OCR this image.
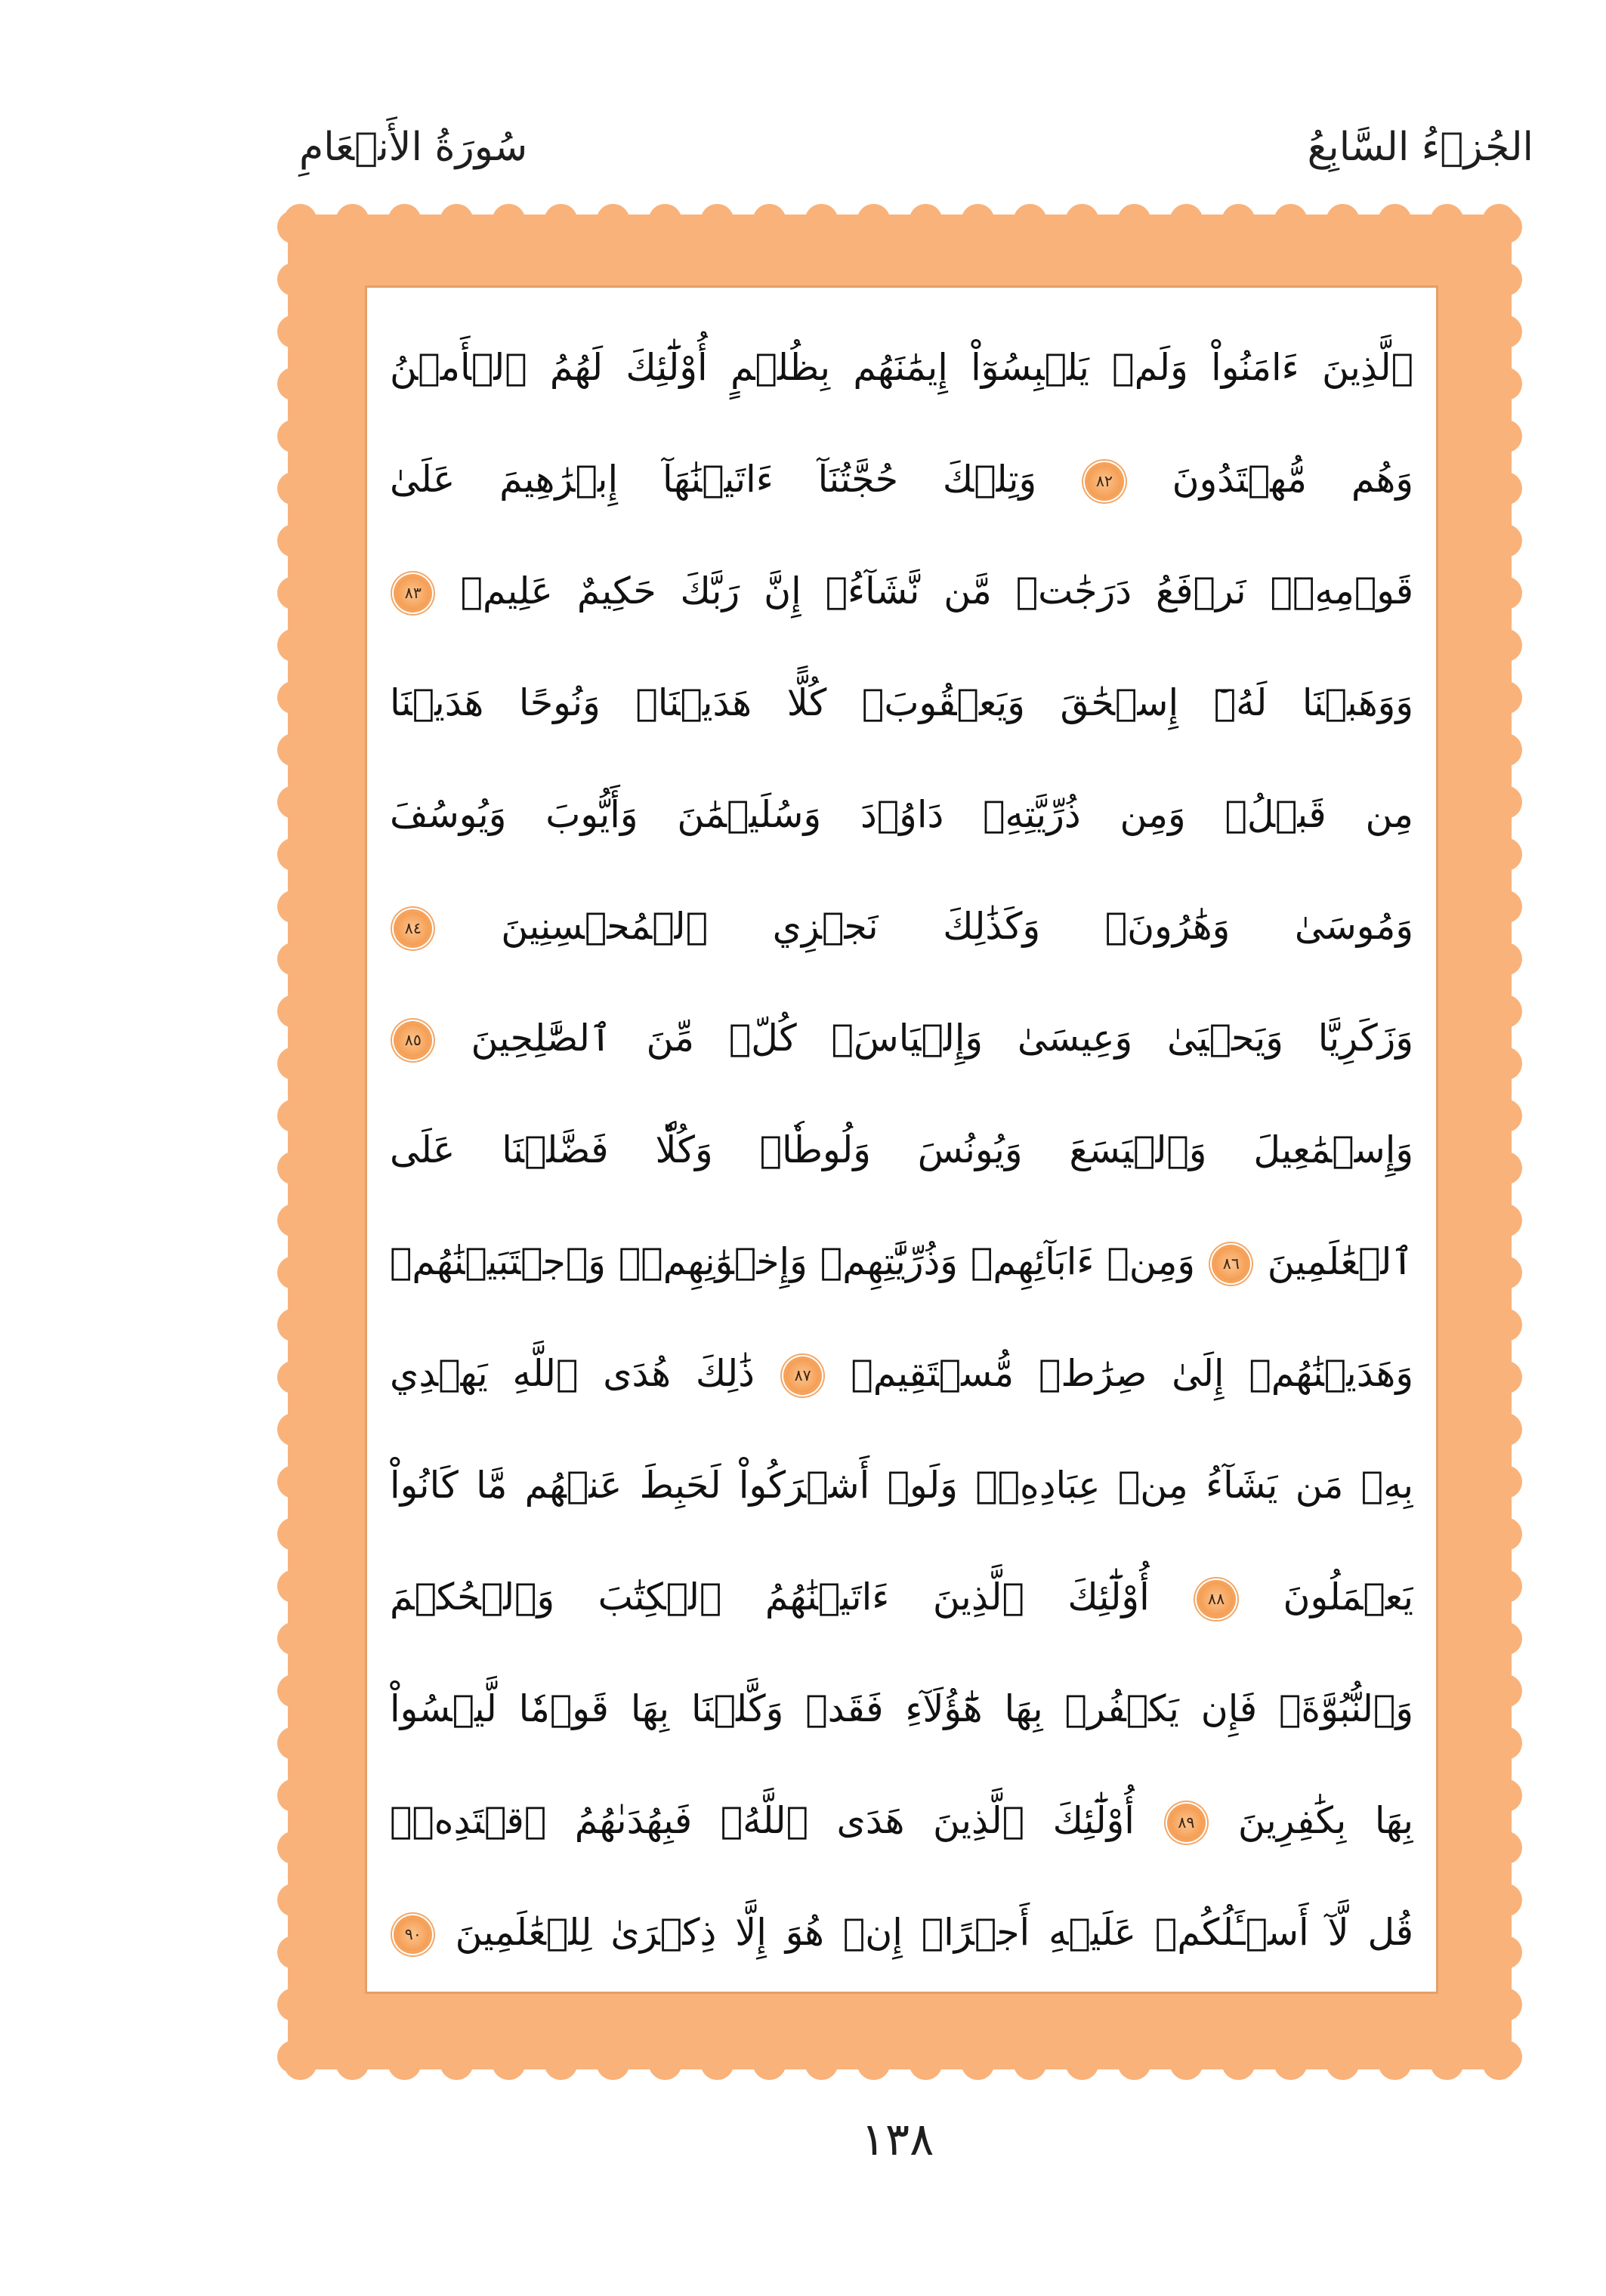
الجُزۡءُ السَّابِعُ
سُورَةُ الأَنۡعَامِ
ٱلَّذِينَ ءَامَنُواْ وَلَمۡ يَلۡبِسُوٓاْ إِيمَٰنَهُم بِظُلۡمٍ أُوْلَٰٓئِكَ لَهُمُ ٱلۡأَمۡنُ
وَهُم مُّهۡتَدُونَ ٨٢ وَتِلۡكَ حُجَّتُنَآ ءَاتَيۡنَٰهَآ إِبۡرَٰهِيمَ عَلَىٰ
قَوۡمِهِۦۚ نَرۡفَعُ دَرَجَٰتٖ مَّن نَّشَآءُۗ إِنَّ رَبَّكَ حَكِيمٌ عَلِيمٞ ٨٣
وَوَهَبۡنَا لَهُۥٓ إِسۡحَٰقَ وَيَعۡقُوبَۚ كُلًّا هَدَيۡنَاۚ وَنُوحًا هَدَيۡنَا
مِن قَبۡلُۖ وَمِن ذُرِّيَّتِهِۦ دَاوُۥدَ وَسُلَيۡمَٰنَ وَأَيُّوبَ وَيُوسُفَ
وَمُوسَىٰ وَهَٰرُونَۚ وَكَذَٰلِكَ نَجۡزِي ٱلۡمُحۡسِنِينَ ٨٤
وَزَكَرِيَّا وَيَحۡيَىٰ وَعِيسَىٰ وَإِلۡيَاسَۖ كُلّٞ مِّنَ ٱلصَّٰلِحِينَ ٨٥
وَإِسۡمَٰعِيلَ وَٱلۡيَسَعَ وَيُونُسَ وَلُوطٗاۚ وَكُلّٗا فَضَّلۡنَا عَلَى
ٱلۡعَٰلَمِينَ ٨٦ وَمِنۡ ءَابَآئِهِمۡ وَذُرِّيَّٰتِهِمۡ وَإِخۡوَٰنِهِمۡۖ وَٱجۡتَبَيۡنَٰهُمۡ
وَهَدَيۡنَٰهُمۡ إِلَىٰ صِرَٰطٖ مُّسۡتَقِيمٖ ٨٧ ذَٰلِكَ هُدَى ٱللَّهِ يَهۡدِي
بِهِۦ مَن يَشَآءُ مِنۡ عِبَادِهِۦۚ وَلَوۡ أَشۡرَكُواْ لَحَبِطَ عَنۡهُم مَّا كَانُواْ
يَعۡمَلُونَ ٨٨ أُوْلَٰٓئِكَ ٱلَّذِينَ ءَاتَيۡنَٰهُمُ ٱلۡكِتَٰبَ وَٱلۡحُكۡمَ
وَٱلنُّبُوَّةَۚ فَإِن يَكۡفُرۡ بِهَا هَٰٓؤُلَآءِ فَقَدۡ وَكَّلۡنَا بِهَا قَوۡمٗا لَّيۡسُواْ
بِهَا بِكَٰفِرِينَ ٨٩ أُوْلَٰٓئِكَ ٱلَّذِينَ هَدَى ٱللَّهُۖ فَبِهُدَىٰهُمُ ٱقۡتَدِهۡۗ
قُل لَّآ أَسۡـَٔلُكُمۡ عَلَيۡهِ أَجۡرًاۖ إِنۡ هُوَ إِلَّا ذِكۡرَىٰ لِلۡعَٰلَمِينَ ٩٠
١٣٨
